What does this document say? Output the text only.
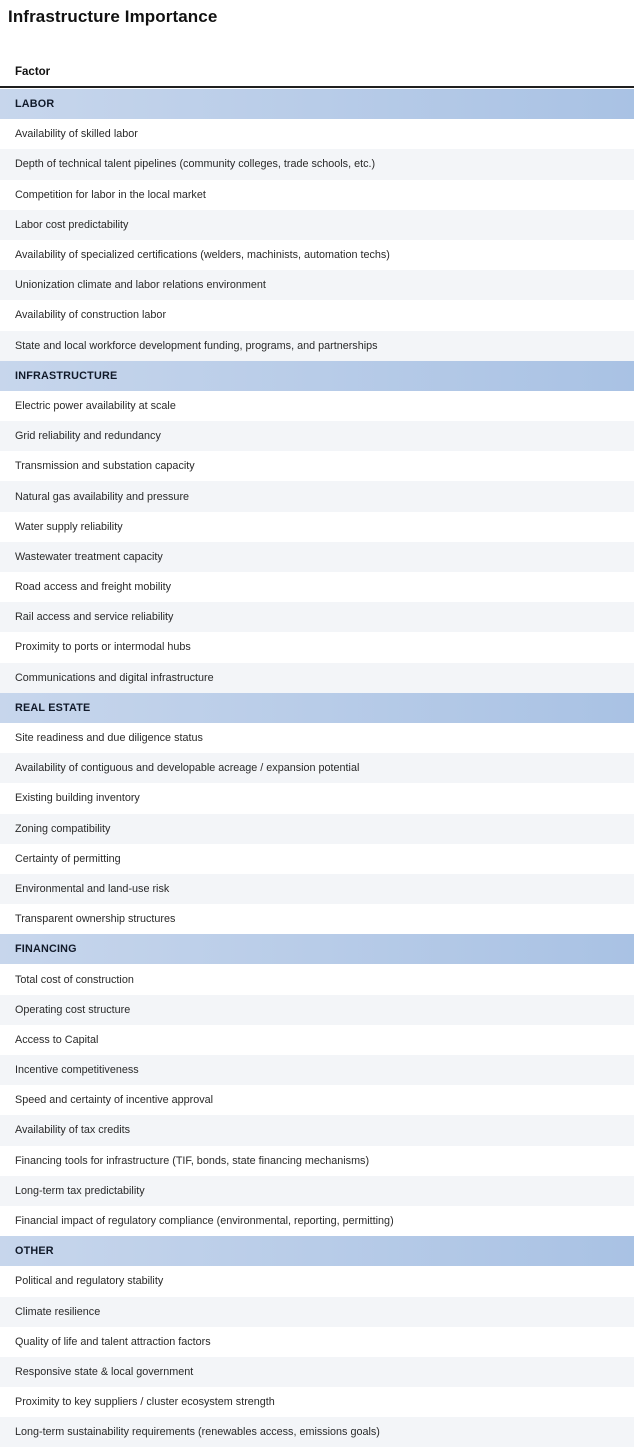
Infrastructure Importance
Factor
LABOR
Availability of skilled labor
Depth of technical talent pipelines (community colleges, trade schools, etc.)
Competition for labor in the local market
Labor cost predictability
Availability of specialized certifications (welders, machinists, automation techs)
Unionization climate and labor relations environment
Availability of construction labor
State and local workforce development funding, programs, and partnerships
INFRASTRUCTURE
Electric power availability at scale
Grid reliability and redundancy
Transmission and substation capacity
Natural gas availability and pressure
Water supply reliability
Wastewater treatment capacity
Road access and freight mobility
Rail access and service reliability
Proximity to ports or intermodal hubs
Communications and digital infrastructure
REAL ESTATE
Site readiness and due diligence status
Availability of contiguous and developable acreage / expansion potential
Existing building inventory
Zoning compatibility
Certainty of permitting
Environmental and land-use risk
Transparent ownership structures
FINANCING
Total cost of construction
Operating cost structure
Access to Capital
Incentive competitiveness
Speed and certainty of incentive approval
Availability of tax credits
Financing tools for infrastructure (TIF, bonds, state financing mechanisms)
Long-term tax predictability
Financial impact of regulatory compliance (environmental, reporting, permitting)
OTHER
Political and regulatory stability
Climate resilience
Quality of life and talent attraction factors
Responsive state & local government
Proximity to key suppliers / cluster ecosystem strength
Long-term sustainability requirements (renewables access, emissions goals)
